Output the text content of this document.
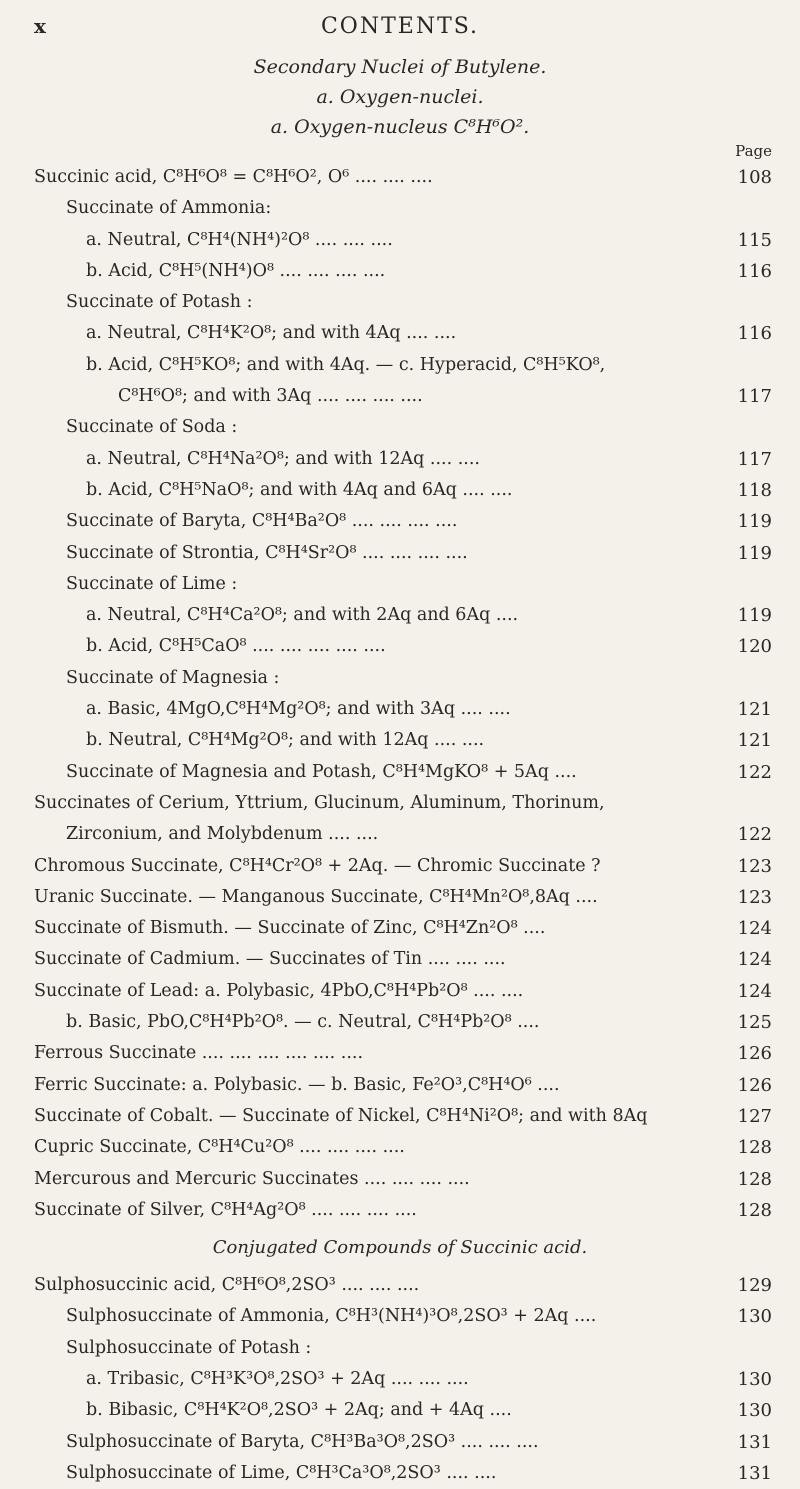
x	CONTENTS.
Secondary Nuclei of Butylene.
a. Oxygen-nuclei.
a. Oxygen-nucleus C⁸H⁶O².
Page
Succinic acid, C⁸H⁶O⁸ = C⁸H⁶O², O⁶ .... .... ....	108
Succinate of Ammonia:
a. Neutral, C⁸H⁴(NH⁴)²O⁸ .... .... ....	115
b. Acid, C⁸H⁵(NH⁴)O⁸ .... .... .... ....	116
Succinate of Potash :
a. Neutral, C⁸H⁴K²O⁸; and with 4Aq .... ....	116
b. Acid, C⁸H⁵KO⁸; and with 4Aq. — c. Hyperacid, C⁸H⁵KO⁸,
C⁸H⁶O⁸; and with 3Aq .... .... .... ....	117
Succinate of Soda :
a. Neutral, C⁸H⁴Na²O⁸; and with 12Aq .... ....	117
b. Acid, C⁸H⁵NaO⁸; and with 4Aq and 6Aq .... ....	118
Succinate of Baryta, C⁸H⁴Ba²O⁸ .... .... .... ....	119
Succinate of Strontia, C⁸H⁴Sr²O⁸ .... .... .... ....	119
Succinate of Lime :
a. Neutral, C⁸H⁴Ca²O⁸; and with 2Aq and 6Aq ....	119
b. Acid, C⁸H⁵CaO⁸ .... .... .... .... ....	120
Succinate of Magnesia :
a. Basic, 4MgO,C⁸H⁴Mg²O⁸; and with 3Aq .... ....	121
b. Neutral, C⁸H⁴Mg²O⁸; and with 12Aq .... ....	121
Succinate of Magnesia and Potash, C⁸H⁴MgKO⁸ + 5Aq ....	122
Succinates of Cerium, Yttrium, Glucinum, Aluminum, Thorinum,
Zirconium, and Molybdenum .... ....	122
Chromous Succinate, C⁸H⁴Cr²O⁸ + 2Aq. — Chromic Succinate ?	123
Uranic Succinate. — Manganous Succinate, C⁸H⁴Mn²O⁸,8Aq ....	123
Succinate of Bismuth. — Succinate of Zinc, C⁸H⁴Zn²O⁸ ....	124
Succinate of Cadmium. — Succinates of Tin .... .... ....	124
Succinate of Lead: a. Polybasic, 4PbO,C⁸H⁴Pb²O⁸ .... ....	124
b. Basic, PbO,C⁸H⁴Pb²O⁸. — c. Neutral, C⁸H⁴Pb²O⁸ ....	125
Ferrous Succinate .... .... .... .... .... ....	126
Ferric Succinate: a. Polybasic. — b. Basic, Fe²O³,C⁸H⁴O⁶ ....	126
Succinate of Cobalt. — Succinate of Nickel, C⁸H⁴Ni²O⁸; and with 8Aq	127
Cupric Succinate, C⁸H⁴Cu²O⁸ .... .... .... ....	128
Mercurous and Mercuric Succinates .... .... .... ....	128
Succinate of Silver, C⁸H⁴Ag²O⁸ .... .... .... ....	128
Conjugated Compounds of Succinic acid.
Sulphosuccinic acid, C⁸H⁶O⁸,2SO³ .... .... ....	129
Sulphosuccinate of Ammonia, C⁸H³(NH⁴)³O⁸,2SO³ + 2Aq ....	130
Sulphosuccinate of Potash :
a. Tribasic, C⁸H³K³O⁸,2SO³ + 2Aq .... .... ....	130
b. Bibasic, C⁸H⁴K²O⁸,2SO³ + 2Aq; and + 4Aq ....	130
Sulphosuccinate of Baryta, C⁸H³Ba³O⁸,2SO³ .... .... ....	131
Sulphosuccinate of Lime, C⁸H³Ca³O⁸,2SO³ .... ....	131
